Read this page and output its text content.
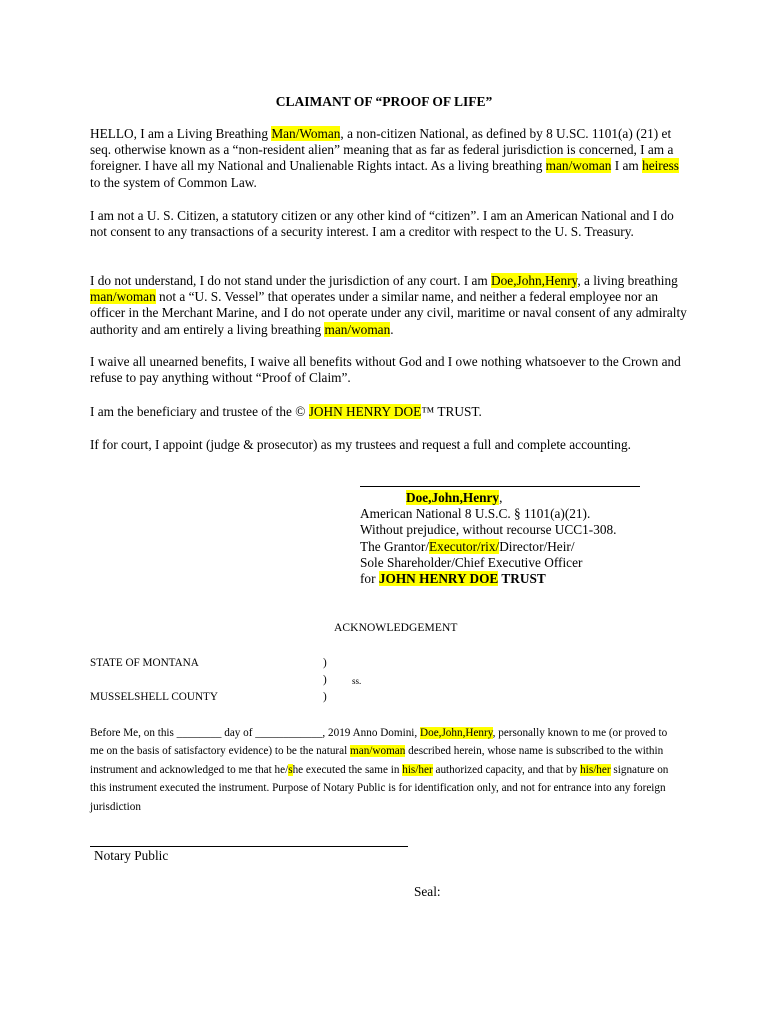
CLAIMANT OF “PROOF OF LIFE”

HELLO, I am a Living Breathing Man/Woman, a non-citizen National, as defined by 8 U.SC. 1101(a) (21) et seq. otherwise known as a “non-resident alien” meaning that as far as federal jurisdiction is concerned, I am a foreigner. I have all my National and Unalienable Rights intact. As a living breathing man/woman I am heiress to the system of Common Law.

I am not a U. S. Citizen, a statutory citizen or any other kind of “citizen”. I am an American National and I do not consent to any transactions of a security interest. I am a creditor with respect to the U. S. Treasury.

I do not understand, I do not stand under the jurisdiction of any court. I am Doe,John,Henry, a living breathing man/woman not a “U. S. Vessel” that operates under a similar name, and neither a federal employee nor an officer in the Merchant Marine, and I do not operate under any civil, maritime or naval consent of any admiralty authority and am entirely a living breathing man/woman.

I waive all unearned benefits, I waive all benefits without God and I owe nothing whatsoever to the Crown and refuse to pay anything without “Proof of Claim”.

I am the beneficiary and trustee of the © JOHN HENRY DOE™ TRUST.

If for court, I appoint (judge & prosecutor) as my trustees and request a full and complete accounting.

Doe,John,Henry,
American National 8 U.S.C. § 1101(a)(21).
Without prejudice, without recourse UCC1-308.
The Grantor/Executor/rix/Director/Heir/
Sole Shareholder/Chief Executive Officer
for JOHN HENRY DOE TRUST
ACKNOWLEDGEMENT
STATE OF MONTANA	)
)	ss.
MUSSELSHELL COUNTY	)
Before Me, on this ________ day of ____________, 2019 Anno Domini, Doe,John,Henry, personally known to me (or proved to me on the basis of satisfactory evidence) to be the natural man/woman described herein, whose name is subscribed to the within instrument and acknowledged to me that he/she executed the same in his/her authorized capacity, and that by his/her signature on this instrument executed the instrument. Purpose of Notary Public is for identification only, and not for entrance into any foreign jurisdiction
Notary Public
Seal:
